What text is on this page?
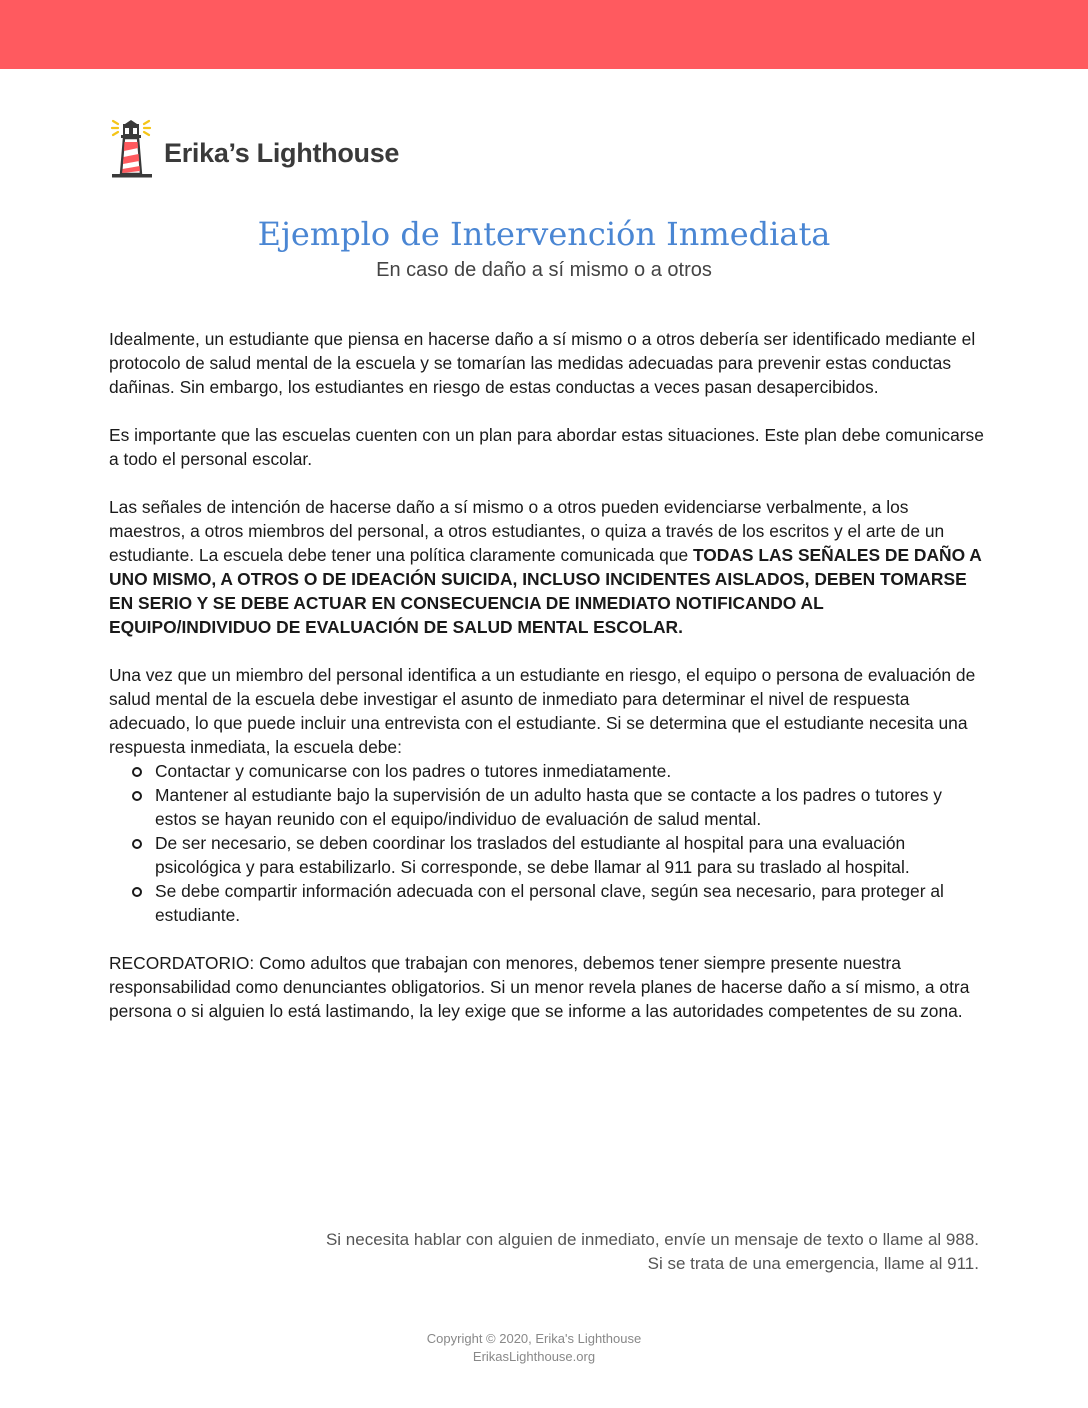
Erika’s Lighthouse
Ejemplo de Intervención Inmediata
En caso de daño a sí mismo o a otros

Idealmente, un estudiante que piensa en hacerse daño a sí mismo o a otros debería ser identificado mediante el protocolo de salud mental de la escuela y se tomarían las medidas adecuadas para prevenir estas conductas dañinas. Sin embargo, los estudiantes en riesgo de estas conductas a veces pasan desapercibidos.

Es importante que las escuelas cuenten con un plan para abordar estas situaciones. Este plan debe comunicarse a todo el personal escolar.

Las señales de intención de hacerse daño a sí mismo o a otros pueden evidenciarse verbalmente, a los maestros, a otros miembros del personal, a otros estudiantes, o quiza a través de los escritos y el arte de un estudiante. La escuela debe tener una política claramente comunicada que TODAS LAS SEÑALES DE DAÑO A UNO MISMO, A OTROS O DE IDEACIÓN SUICIDA, INCLUSO INCIDENTES AISLADOS, DEBEN TOMARSE EN SERIO Y SE DEBE ACTUAR EN CONSECUENCIA DE INMEDIATO NOTIFICANDO AL EQUIPO/INDIVIDUO DE EVALUACIÓN DE SALUD MENTAL ESCOLAR.

Una vez que un miembro del personal identifica a un estudiante en riesgo, el equipo o persona de evaluación de salud mental de la escuela debe investigar el asunto de inmediato para determinar el nivel de respuesta adecuado, lo que puede incluir una entrevista con el estudiante. Si se determina que el estudiante necesita una respuesta inmediata, la escuela debe:

Contactar y comunicarse con los padres o tutores inmediatamente.
Mantener al estudiante bajo la supervisión de un adulto hasta que se contacte a los padres o tutores y estos se hayan reunido con el equipo/individuo de evaluación de salud mental.
De ser necesario, se deben coordinar los traslados del estudiante al hospital para una evaluación psicológica y para estabilizarlo. Si corresponde, se debe llamar al 911 para su traslado al hospital.
Se debe compartir información adecuada con el personal clave, según sea necesario, para proteger al estudiante.

RECORDATORIO: Como adultos que trabajan con menores, debemos tener siempre presente nuestra responsabilidad como denunciantes obligatorios. Si un menor revela planes de hacerse daño a sí mismo, a otra persona o si alguien lo está lastimando, la ley exige que se informe a las autoridades competentes de su zona.

Si necesita hablar con alguien de inmediato, envíe un mensaje de texto o llame al 988.
Si se trata de una emergencia, llame al 911.
Copyright © 2020, Erika's Lighthouse
ErikasLighthouse.org
